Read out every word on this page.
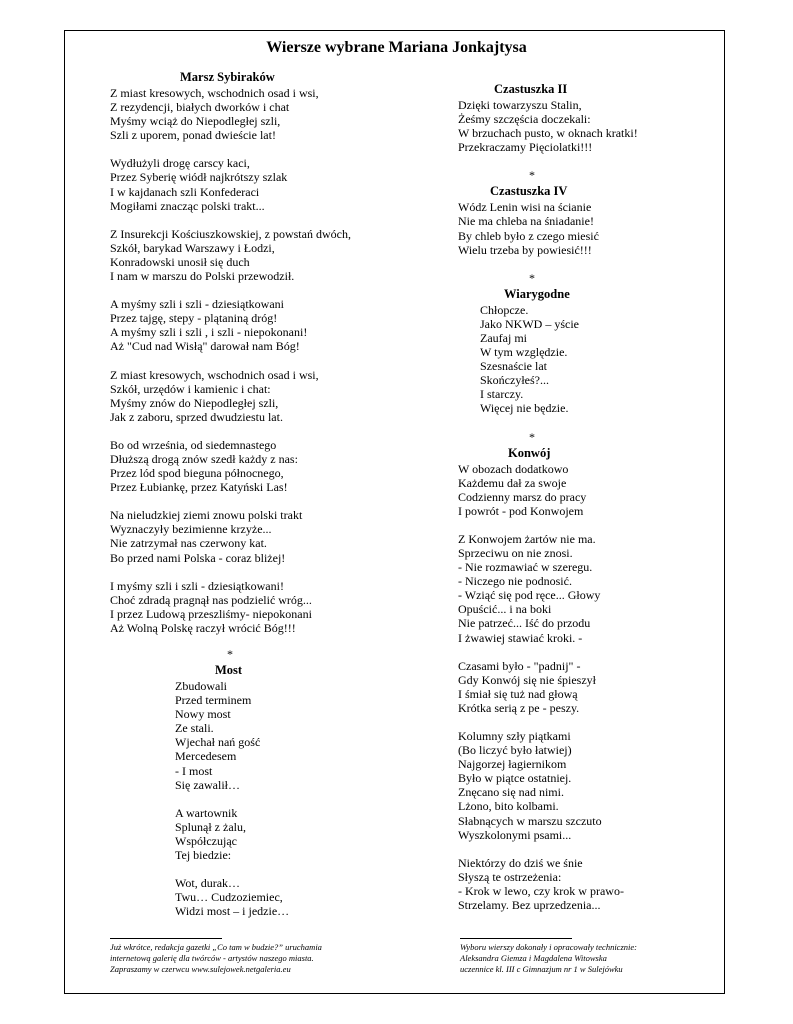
Wiersze wybrane Mariana Jonkajtysa
Marsz Sybiraków
Z miast kresowych, wschodnich osad i wsi,
Z rezydencji, białych dworków i chat
Myśmy wciąż do Niepodległej szli,
Szli z uporem, ponad dwieście lat!
Wydłużyli drogę carscy kaci,
Przez Syberię wiódł najkrótszy szlak
I w kajdanach szli Konfederaci
Mogiłami znacząc polski trakt...
Z Insurekcji Kościuszkowskiej, z powstań dwóch,
Szkół, barykad Warszawy i Łodzi,
Konradowski unosił się duch
I nam w marszu do Polski przewodził.
A myśmy szli i szli - dziesiątkowani
Przez tajgę, stepy - plątaniną dróg!
A myśmy szli i szli , i szli - niepokonani!
Aż "Cud nad Wisłą" darował nam Bóg!
Z miast kresowych, wschodnich osad i wsi,
Szkół, urzędów i kamienic i chat:
Myśmy znów do Niepodległej szli,
Jak z zaboru, sprzed dwudziestu lat.
Bo od września, od siedemnastego
Dłuższą drogą znów szedł każdy z nas:
Przez lód spod bieguna północnego,
Przez Łubiankę, przez Katyński Las!
Na nieludzkiej ziemi znowu polski trakt
Wyznaczyły bezimienne krzyże...
Nie zatrzymał nas czerwony kat.
Bo przed nami Polska - coraz bliżej!
I myśmy szli i szli - dziesiątkowani!
Choć zdradą pragnął nas podzielić wróg...
I przez Ludową przeszliśmy- niepokonani
Aż Wolną Polskę raczył wrócić Bóg!!!
*
Most
Zbudowali
Przed terminem
Nowy most
Ze stali.
Wjechał nań gość
Mercedesem
- I most
Się zawalił…
A wartownik
Splunął z żalu,
Współczując
Tej biedzie:
Wot, durak…
Twu… Cudzoziemiec,
Widzi most – i jedzie…
Czastuszka II
Dzięki towarzyszu Stalin,
Żeśmy szczęścia doczekali:
W brzuchach pusto, w oknach kratki!
Przekraczamy Pięciolatki!!!
*
Czastuszka IV
Wódz Lenin wisi na ścianie
Nie ma chleba na śniadanie!
By chleb było z czego miesić
Wielu trzeba by powiesić!!!
*
Wiarygodne
Chłopcze.
Jako NKWD – yście
Zaufaj mi
W tym względzie.
Szesnaście lat
Skończyłeś?...
I starczy.
Więcej nie będzie.
*
Konwój
W obozach dodatkowo
Każdemu dał za swoje
Codzienny marsz do pracy
I powrót - pod Konwojem
Z Konwojem żartów nie ma.
Sprzeciwu on nie znosi.
- Nie rozmawiać w szeregu.
- Niczego nie podnosić.
- Wziąć się pod ręce... Głowy
Opuścić... i na boki
Nie patrzeć... Iść do przodu
I żwawiej stawiać kroki. -
Czasami było - "padnij" -
Gdy Konwój się nie śpieszył
I śmiał się tuż nad głową
Krótka serią z pe - peszy.
Kolumny szły piątkami
(Bo liczyć było łatwiej)
Najgorzej łagiernikom
Było w piątce ostatniej.
Znęcano się nad nimi.
Lżono, bito kolbami.
Słabnących w marszu szczuto
Wyszkolonymi psami...
Niektórzy do dziś we śnie
Słyszą te ostrzeżenia:
- Krok w lewo, czy krok w prawo-
Strzelamy. Bez uprzedzenia...
Już wkrótce, redakcja gazetki „Co tam w budzie?” uruchamia
internetową galerię dla twórców - artystów naszego miasta.
Zapraszamy w czerwcu www.sulejowek.netgaleria.eu
Wyboru wierszy dokonały i opracowały technicznie:
Aleksandra Giemza i Magdalena Witowska
uczennice kl. III c Gimnazjum nr 1 w Sulejówku
